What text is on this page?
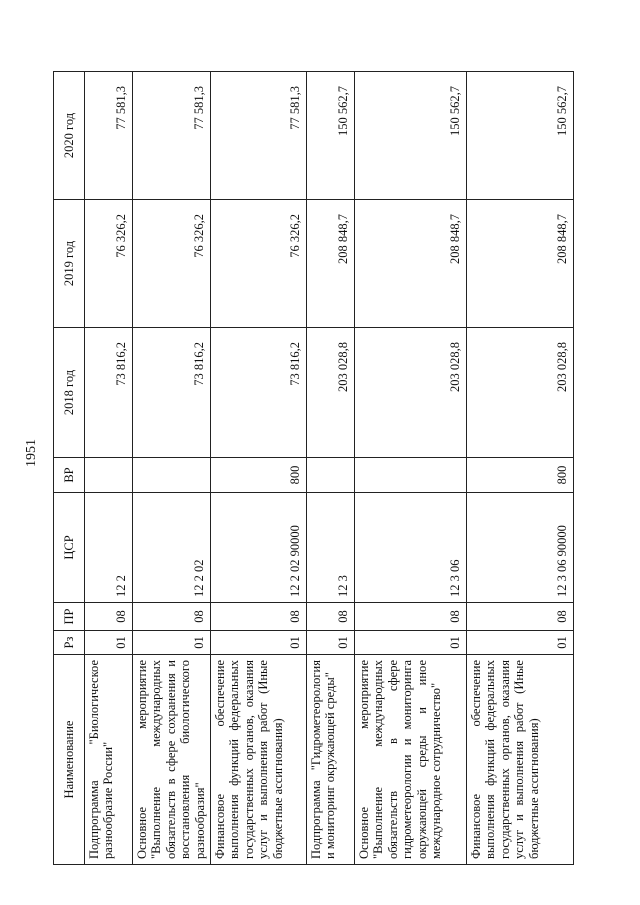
1951
Наименование	Рз	ПР	ЦСР	ВР	2018 год	2019 год	2020 год
Подпрограмма "Биологическое разнообразие России"	01	08	12 2		73 816,2	76 326,2	77 581,3
Основное мероприятие "Выполнение международных обязательств в сфере сохранения и восстановления биологического разнообразия"	01	08	12 2 02		73 816,2	76 326,2	77 581,3
Финансовое обеспечение выполнения функций федеральных государственных органов, оказания услуг и выполнения работ (Иные бюджетные ассигнования)	01	08	12 2 02 90000	800	73 816,2	76 326,2	77 581,3
Подпрограмма "Гидрометеорология и мониторинг окружающей среды"	01	08	12 3		203 028,8	208 848,7	150 562,7
Основное мероприятие "Выполнение международных обязательств в сфере гидрометеорологии и мониторинга окружающей среды и иное международное сотрудничество"	01	08	12 3 06		203 028,8	208 848,7	150 562,7
Финансовое обеспечение выполнения функций федеральных государственных органов, оказания услуг и выполнения работ (Иные бюджетные ассигнования)	01	08	12 3 06 90000	800	203 028,8	208 848,7	150 562,7
